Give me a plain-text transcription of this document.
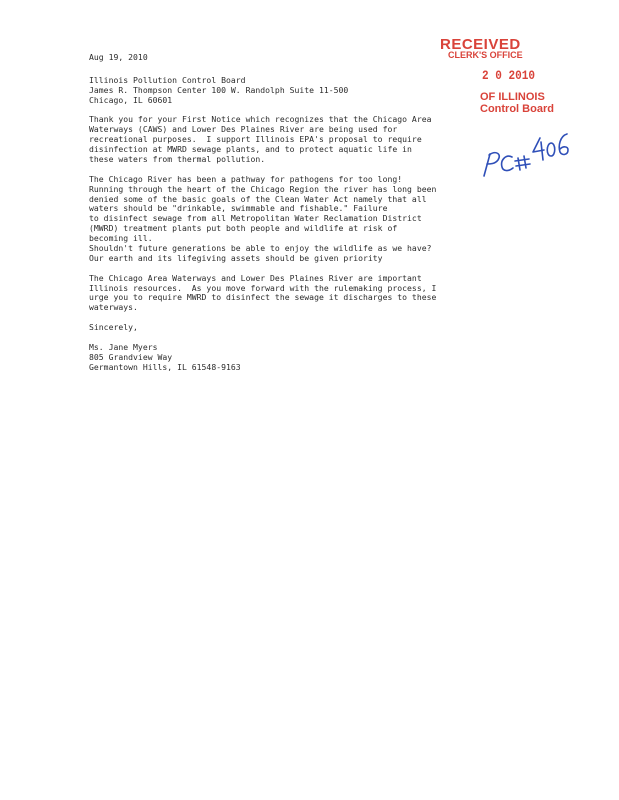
Aug 19, 2010
Illinois Pollution Control Board
James R. Thompson Center 100 W. Randolph Suite 11-500
Chicago, IL 60601
Thank you for your First Notice which recognizes that the Chicago Area
Waterways (CAWS) and Lower Des Plaines River are being used for
recreational purposes.  I support Illinois EPA's proposal to require
disinfection at MWRD sewage plants, and to protect aquatic life in
these waters from thermal pollution.
The Chicago River has been a pathway for pathogens for too long!
Running through the heart of the Chicago Region the river has long been
denied some of the basic goals of the Clean Water Act namely that all
waters should be "drinkable, swimmable and fishable." Failure
to disinfect sewage from all Metropolitan Water Reclamation District
(MWRD) treatment plants put both people and wildlife at risk of
becoming ill.
Shouldn't future generations be able to enjoy the wildlife as we have?
Our earth and its lifegiving assets should be given priority
The Chicago Area Waterways and Lower Des Plaines River are important
Illinois resources.  As you move forward with the rulemaking process, I
urge you to require MWRD to disinfect the sewage it discharges to these
waterways.
Sincerely,
Ms. Jane Myers
805 Grandview Way
Germantown Hills, IL 61548-9163
RECEIVED
CLERK'S OFFICE
2 0 2010
OF ILLINOIS
Control Board
